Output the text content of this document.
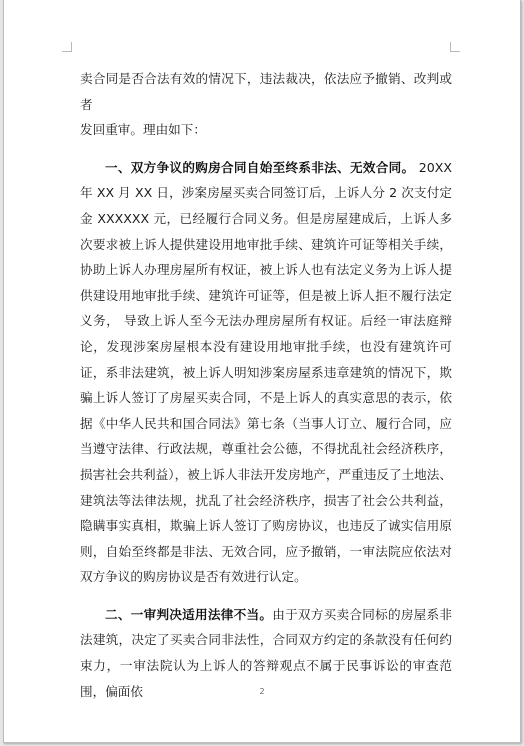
卖合同是否合法有效的情况下，违法裁决，依法应予撤销、改判或者

发回重审。理由如下：

一、双方争议的购房合同自始至终系非法、无效合同。 20XX 年 XX 月 XX 日，涉案房屋买卖合同签订后，上诉人分 2 次支付定金 XXXXXX 元，已经履行合同义务。但是房屋建成后，上诉人多次要求被上诉人提供建设用地审批手续、建筑许可证等相关手续，协助上诉人办理房屋所有权证，被上诉人也有法定义务为上诉人提供建设用地审批手续、建筑许可证等，但是被上诉人拒不履行法定义务， 导致上诉人至今无法办理房屋所有权证。后经一审法庭辩论，发现涉案房屋根本没有建设用地审批手续，也没有建筑许可证，系非法建筑，被上诉人明知涉案房屋系违章建筑的情况下，欺骗上诉人签订了房屋买卖合同，不是上诉人的真实意思的表示，依据《中华人民共和国合同法》第七条（当事人订立、履行合同，应当遵守法律、行政法规，尊重社会公德，不得扰乱社会经济秩序，损害社会共利益），被上诉人非法开发房地产，严重违反了土地法、建筑法等法律法规，扰乱了社会经济秩序，损害了社会公共利益，隐瞒事实真相，欺骗上诉人签订了购房协议，也违反了诚实信用原则，自始至终都是非法、无效合同，应予撤销，一审法院应依法对双方争议的购房协议是否有效进行认定。

二、一审判决适用法律不当。由于双方买卖合同标的房屋系非法建筑，决定了买卖合同非法性，合同双方约定的条款没有任何约束力，一审法院认为上诉人的答辩观点不属于民事诉讼的审查范围，偏面依	2
